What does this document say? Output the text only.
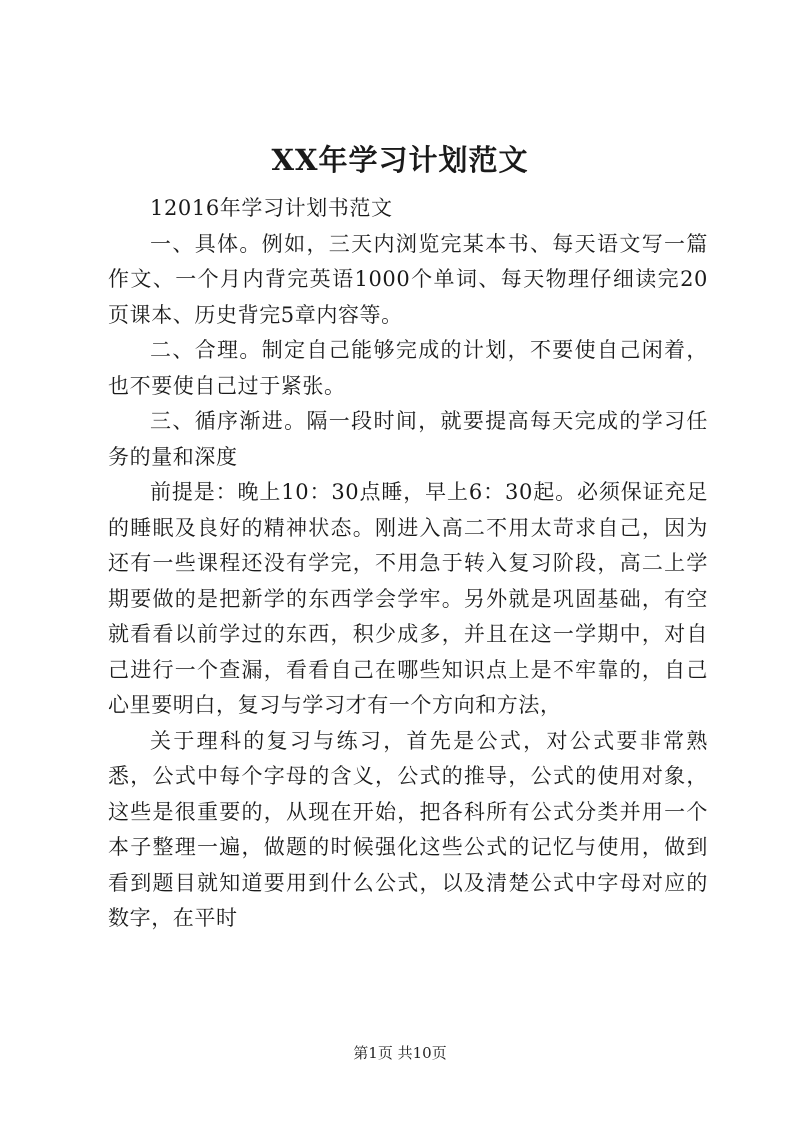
XX年学习计划范文

12016年学习计划书范文

一、具体。例如，三天内浏览完某本书、每天语文写一篇作文、一个月内背完英语1000个单词、每天物理仔细读完20页课本、历史背完5章内容等。

二、合理。制定自己能够完成的计划，不要使自己闲着，也不要使自己过于紧张。

三、循序渐进。隔一段时间，就要提高每天完成的学习任务的量和深度

前提是：晚上10：30点睡，早上6：30起。必须保证充足的睡眠及良好的精神状态。刚进入高二不用太苛求自己，因为还有一些课程还没有学完，不用急于转入复习阶段，高二上学期要做的是把新学的东西学会学牢。另外就是巩固基础，有空就看看以前学过的东西，积少成多，并且在这一学期中，对自己进行一个查漏，看看自己在哪些知识点上是不牢靠的，自己心里要明白，复习与学习才有一个方向和方法，

关于理科的复习与练习，首先是公式，对公式要非常熟悉，公式中每个字母的含义，公式的推导，公式的使用对象，这些是很重要的，从现在开始，把各科所有公式分类并用一个本子整理一遍，做题的时候强化这些公式的记忆与使用，做到看到题目就知道要用到什么公式，以及清楚公式中字母对应的数字，在平时

第1页 共10页
